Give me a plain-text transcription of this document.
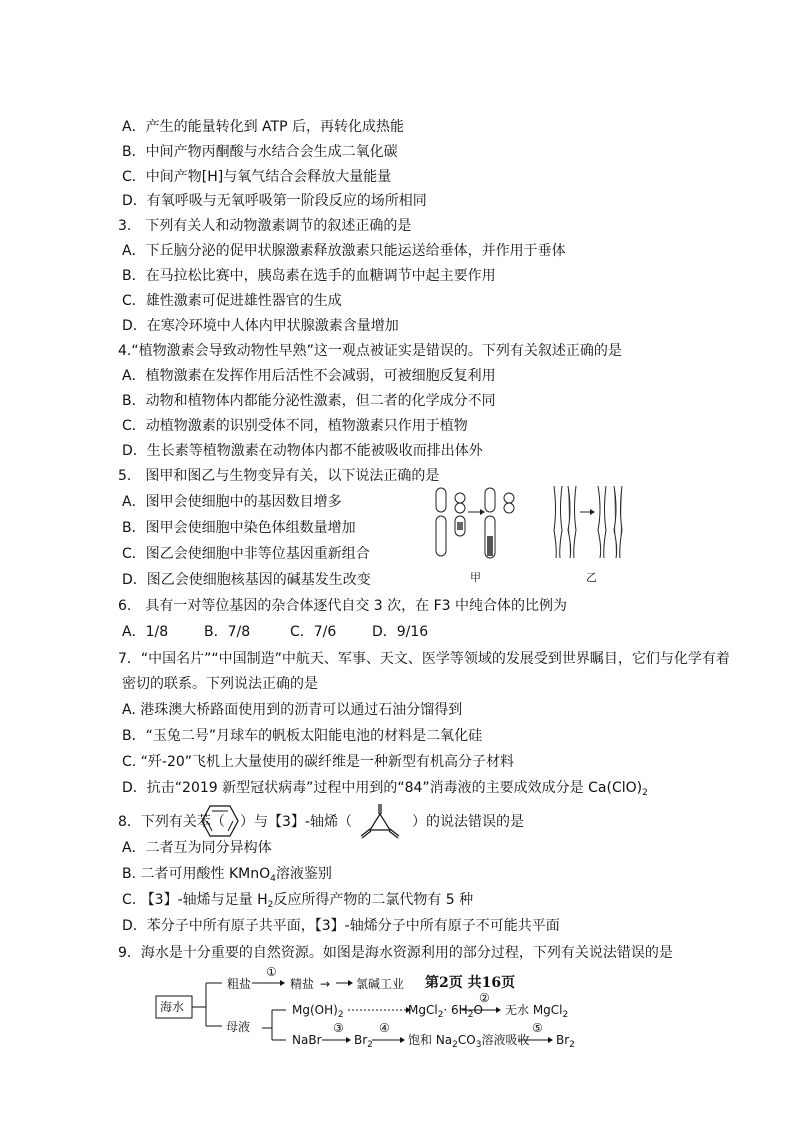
A．产生的能量转化到 ATP 后，再转化成热能
B．中间产物丙酮酸与水结合会生成二氧化碳
C．中间产物[H]与氧气结合会释放大量能量
D．有氧呼吸与无氧呼吸第一阶段反应的场所相同
3.　下列有关人和动物激素调节的叙述正确的是
A．下丘脑分泌的促甲状腺激素释放激素只能运送给垂体，并作用于垂体
B．在马拉松比赛中，胰岛素在选手的血糖调节中起主要作用
C．雄性激素可促进雄性器官的生成
D．在寒冷环境中人体内甲状腺激素含量增加
4.“植物激素会导致动物性早熟”这一观点被证实是错误的。下列有关叙述正确的是
A．植物激素在发挥作用后活性不会减弱，可被细胞反复利用
B．动物和植物体内都能分泌性激素，但二者的化学成分不同
C．动植物激素的识别受体不同，植物激素只作用于植物
D．生长素等植物激素在动物体内都不能被吸收而排出体外
5.　图甲和图乙与生物变异有关，以下说法正确的是
A．图甲会使细胞中的基因数目增多
B．图甲会使细胞中染色体组数量增加
C．图乙会使细胞中非等位基因重新组合
D．图乙会使细胞核基因的碱基发生改变	甲	乙
6.　具有一对等位基因的杂合体逐代自交 3 次，在 F3 中纯合体的比例为
A．1/8	B．7/8	C．7/6	D．9/16
7．“中国名片”“中国制造”中航天、军事、天文、医学等领域的发展受到世界瞩目，它们与化学有着
密切的联系。下列说法正确的是
A. 港珠澳大桥路面使用到的沥青可以通过石油分馏得到
B．“玉兔二号”月球车的帆板太阳能电池的材料是二氧化硅
C. “歼-20”飞机上大量使用的碳纤维是一种新型有机高分子材料
D．抗击“2019 新型冠状病毒”过程中用到的“84”消毒液的主要成效成分是 $Ca(ClO)_2$
8．下列有关苯（ ）与【3】-轴烯（	）的说法错误的是
A．二者互为同分异构体
B. 二者可用酸性 KMnO$_4$溶液鉴别
C. 【3】-轴烯与足量 $H_2$反应所得产物的二氯代物有 5 种
D．苯分子中所有原子共平面，【3】-轴烯分子中所有原子不可能共平面
9．海水是十分重要的自然资源。如图是海水资源利用的部分过程，下列有关说法错误的是
海水
粗盐
①
精盐 → 氯碱工业 第2页 共16页
母液
$Mg(OH)_2$	MgCl$_2$· $6H_2O$
②
无水 MgCl$_2$
NaBr
③
$Br_2$
④
饱和 $Na_2CO_3$溶液吸收
⑤
$Br_2$
